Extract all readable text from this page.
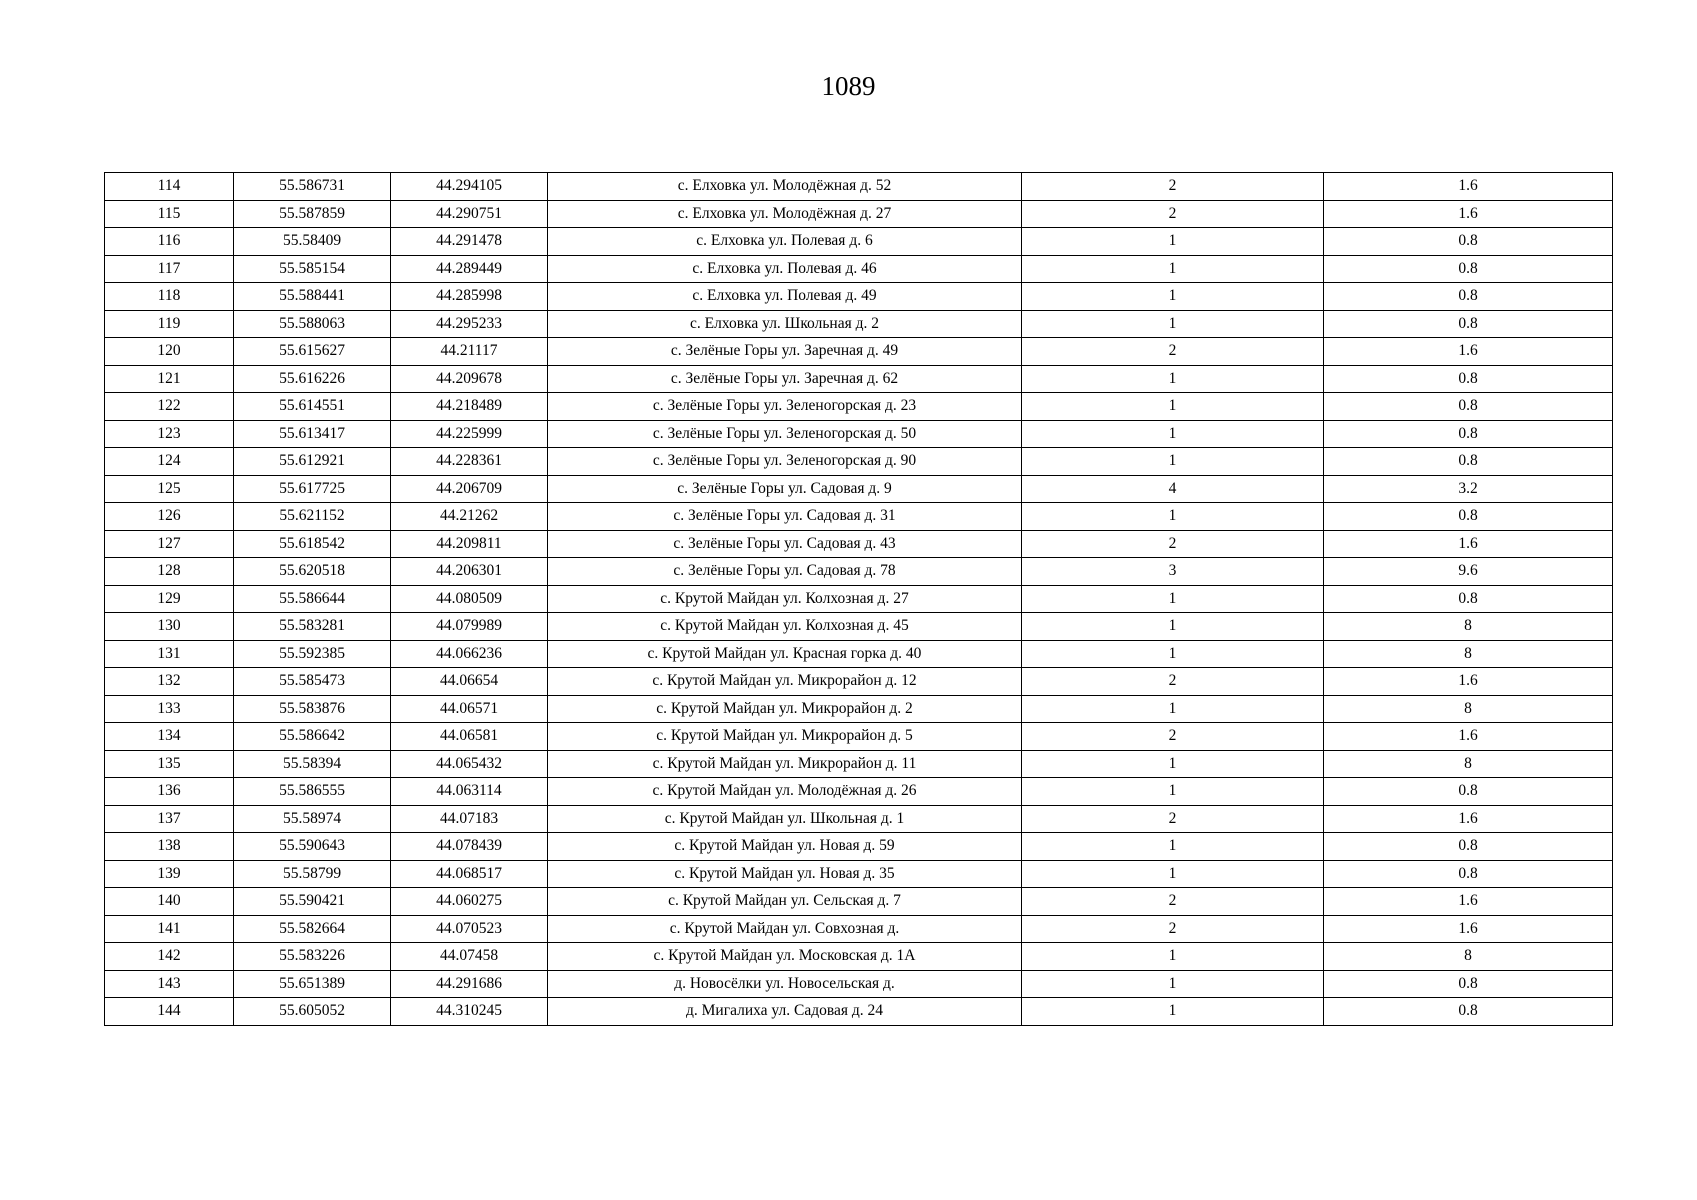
1089
114	55.586731	44.294105	с. Елховка ул. Молодёжная д. 52	2	1.6
115	55.587859	44.290751	с. Елховка ул. Молодёжная д. 27	2	1.6
116	55.58409	44.291478	с. Елховка ул. Полевая д. 6	1	0.8
117	55.585154	44.289449	с. Елховка ул. Полевая д. 46	1	0.8
118	55.588441	44.285998	с. Елховка ул. Полевая д. 49	1	0.8
119	55.588063	44.295233	с. Елховка ул. Школьная д. 2	1	0.8
120	55.615627	44.21117	с. Зелёные Горы ул. Заречная д. 49	2	1.6
121	55.616226	44.209678	с. Зелёные Горы ул. Заречная д. 62	1	0.8
122	55.614551	44.218489	с. Зелёные Горы ул. Зеленогорская д. 23	1	0.8
123	55.613417	44.225999	с. Зелёные Горы ул. Зеленогорская д. 50	1	0.8
124	55.612921	44.228361	с. Зелёные Горы ул. Зеленогорская д. 90	1	0.8
125	55.617725	44.206709	с. Зелёные Горы ул. Садовая д. 9	4	3.2
126	55.621152	44.21262	с. Зелёные Горы ул. Садовая д. 31	1	0.8
127	55.618542	44.209811	с. Зелёные Горы ул. Садовая д. 43	2	1.6
128	55.620518	44.206301	с. Зелёные Горы ул. Садовая д. 78	3	9.6
129	55.586644	44.080509	с. Крутой Майдан ул. Колхозная д. 27	1	0.8
130	55.583281	44.079989	с. Крутой Майдан ул. Колхозная д. 45	1	8
131	55.592385	44.066236	с. Крутой Майдан ул. Красная горка д. 40	1	8
132	55.585473	44.06654	с. Крутой Майдан ул. Микрорайон д. 12	2	1.6
133	55.583876	44.06571	с. Крутой Майдан ул. Микрорайон д. 2	1	8
134	55.586642	44.06581	с. Крутой Майдан ул. Микрорайон д. 5	2	1.6
135	55.58394	44.065432	с. Крутой Майдан ул. Микрорайон д. 11	1	8
136	55.586555	44.063114	с. Крутой Майдан ул. Молодёжная д. 26	1	0.8
137	55.58974	44.07183	с. Крутой Майдан ул. Школьная д. 1	2	1.6
138	55.590643	44.078439	с. Крутой Майдан ул. Новая д. 59	1	0.8
139	55.58799	44.068517	с. Крутой Майдан ул. Новая д. 35	1	0.8
140	55.590421	44.060275	с. Крутой Майдан ул. Сельская д. 7	2	1.6
141	55.582664	44.070523	с. Крутой Майдан ул. Совхозная д.	2	1.6
142	55.583226	44.07458	с. Крутой Майдан ул. Московская д. 1А	1	8
143	55.651389	44.291686	д. Новосёлки ул. Новосельская д.	1	0.8
144	55.605052	44.310245	д. Мигалиха ул. Садовая д. 24	1	0.8
